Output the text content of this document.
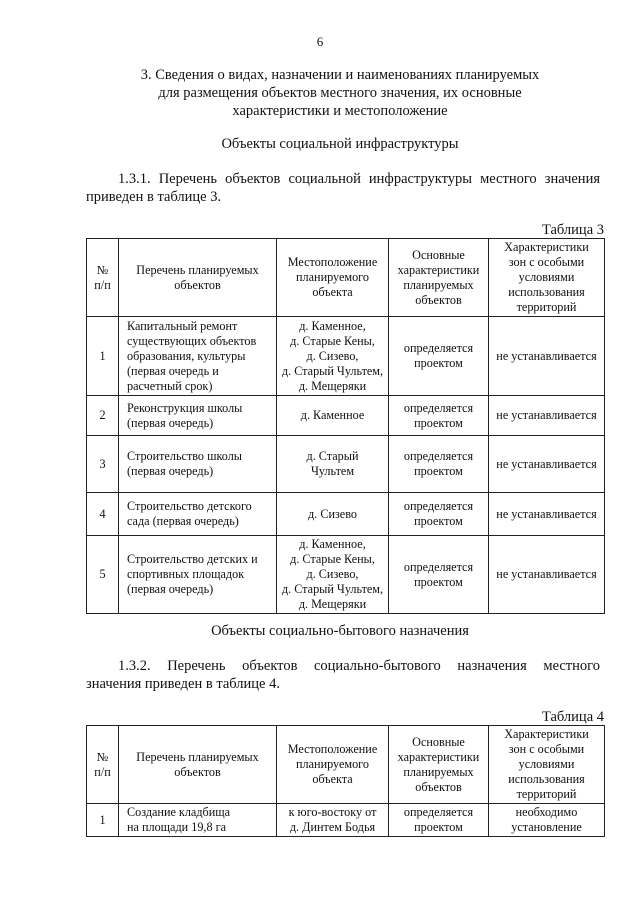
6
3. Сведения о видах, назначении и наименованиях планируемых
для размещения объектов местного значения, их основные
характеристики и местоположение
Объекты социальной инфраструктуры
1.3.1. Перечень объектов социальной инфраструктуры местного значения
приведен в таблице 3.
Таблица 3
№
п/п	Перечень планируемых
объектов	Местоположение
планируемого
объекта	Основные
характеристики
планируемых
объектов	Характеристики
зон с особыми
условиями
использования
территорий

1	Капитальный ремонт
существующих объектов
образования, культуры
(первая очередь и
расчетный срок)	д. Каменное,
д. Старые Кены,
д. Сизево,
д. Старый Чультем,
д. Мещеряки	определяется
проектом	не устанавливается
2	Реконструкция школы
(первая очередь)	д. Каменное	определяется
проектом	не устанавливается
3	Строительство школы
(первая очередь)	д. Старый
Чультем	определяется
проектом	не устанавливается
4	Строительство детского
сада (первая очередь)	д. Сизево	определяется
проектом	не устанавливается
5	Строительство детских и
спортивных площадок
(первая очередь)	д. Каменное,
д. Старые Кены,
д. Сизево,
д. Старый Чультем,
д. Мещеряки	определяется
проектом	не устанавливается
Объекты социально-бытового назначения
1.3.2. Перечень объектов социально-бытового назначения местного
значения приведен в таблице 4.
Таблица 4
№
п/п	Перечень планируемых
объектов	Местоположение
планируемого
объекта	Основные
характеристики
планируемых
объектов	Характеристики
зон с особыми
условиями
использования
территорий

1	Создание кладбища
на площади 19,8 га	к юго-востоку от
д. Динтем Бодья	определяется
проектом	необходимо
установление
